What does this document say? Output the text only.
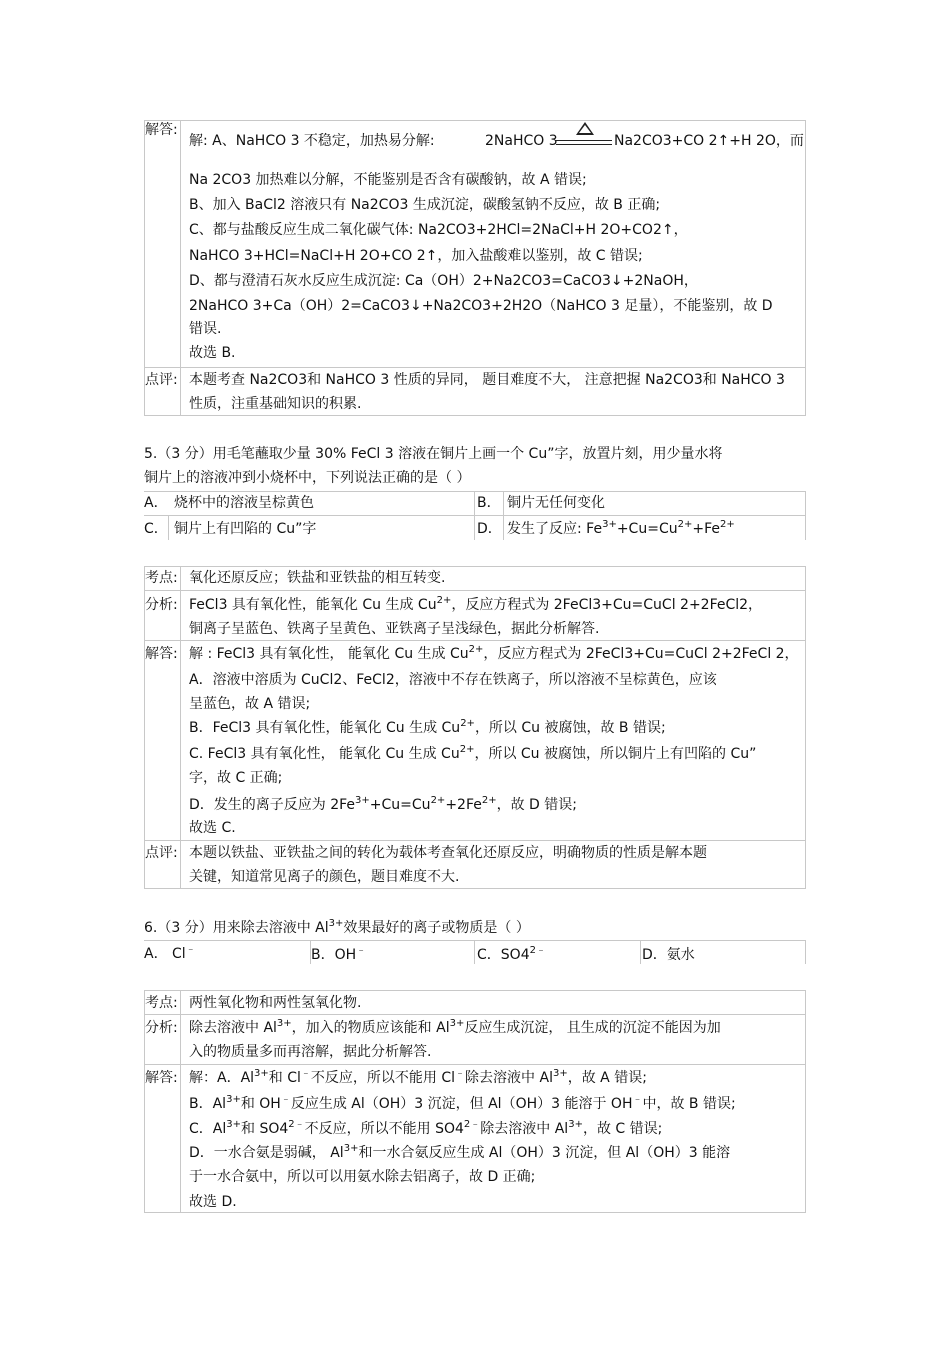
解答:
解: A、NaHCO 3 不稳定，加热易分解:	2NaHCO 3	Na2CO3+CO 2↑+H 2O，而
Na 2CO3 加热难以分解，不能鉴别是否含有碳酸钠，故 A 错误;
B、加入 BaCl2 溶液只有 Na2CO3 生成沉淀，碳酸氢钠不反应，故 B 正确;
C、都与盐酸反应生成二氧化碳气体: Na2CO3+2HCl=2NaCl+H 2O+CO2↑，
NaHCO 3+HCl=NaCl+H 2O+CO 2↑，加入盐酸难以鉴别，故 C 错误;
D、都与澄清石灰水反应生成沉淀: Ca（OH）2+Na2CO3=CaCO3↓+2NaOH，
2NaHCO 3+Ca（OH）2=CaCO3↓+Na2CO3+2H2O（NaHCO 3 足量），不能鉴别，故 D
错误.
故选 B.
点评: 本题考查 Na2CO3和 NaHCO 3 性质的异同， 题目难度不大， 注意把握 Na2CO3和 NaHCO 3
性质，注重基础知识的积累.
5.（3 分）用毛笔蘸取少量 30% FeCl 3 溶液在铜片上画一个 Cu”字，放置片刻，用少量水将
铜片上的溶液冲到小烧杯中，下列说法正确的是（ ）
A． 烧杯中的溶液呈棕黄色	B． 铜片无任何变化
C． 铜片上有凹陷的 Cu”字	D． 发生了反应: $Fe^{3+}+Cu=Cu^{2+}+Fe^{2+}$
考点: 氧化还原反应；铁盐和亚铁盐的相互转变.
分析: FeCl3 具有氧化性，能氧化 Cu 生成 $Cu^{2+}$，反应方程式为 2FeCl3+Cu=CuCl 2+2FeCl2，
铜离子呈蓝色、铁离子呈黄色、亚铁离子呈浅绿色，据此分析解答.
解答: 解 : FeCl3 具有氧化性， 能氧化 Cu 生成 $Cu^{2+}$，反应方程式为 2FeCl3+Cu=CuCl 2+2FeCl 2，
A．溶液中溶质为 CuCl2、FeCl2，溶液中不存在铁离子，所以溶液不呈棕黄色，应该
呈蓝色，故 A 错误;
B．FeCl3 具有氧化性，能氧化 Cu 生成 $Cu^{2+}$，所以 Cu 被腐蚀，故 B 错误;
C. FeCl3 具有氧化性， 能氧化 Cu 生成 $Cu^{2+}$，所以 Cu 被腐蚀，所以铜片上有凹陷的 Cu”
字，故 C 正确;
D．发生的离子反应为 $2Fe^{3+}+Cu=Cu^{2+}+2Fe^{2+}$，故 D 错误;
故选 C.
点评: 本题以铁盐、亚铁盐之间的转化为载体考查氧化还原反应，明确物质的性质是解本题
关键，知道常见离子的颜色，题目难度不大.
6.（3 分）用来除去溶液中 $Al^{3+}$效果最好的离子或物质是（ ）
A． Cl﹣	B．OH﹣	C．$SO4^{2﹣}$	D．氨水
考点: 两性氧化物和两性氢氧化物.
分析: 除去溶液中 $Al^{3+}$，加入的物质应该能和 $Al^{3+}$反应生成沉淀， 且生成的沉淀不能因为加
入的物质量多而再溶解，据此分析解答.
解答: 解：A．$Al^{3+}$和 Cl﹣不反应，所以不能用 Cl﹣除去溶液中 $Al^{3+}$，故 A 错误;
B．$Al^{3+}$和 OH﹣反应生成 Al（OH）3 沉淀，但 Al（OH）3 能溶于 OH﹣中，故 B 错误;
C．$Al^{3+}$和 $SO4^{2﹣}$不反应，所以不能用 $SO4^{2﹣}$除去溶液中 $Al^{3+}$，故 C 错误;
D．一水合氨是弱碱， $Al^{3+}$和一水合氨反应生成 Al（OH）3 沉淀，但 Al（OH）3 能溶
于一水合氨中，所以可以用氨水除去铝离子，故 D 正确;
故选 D.
